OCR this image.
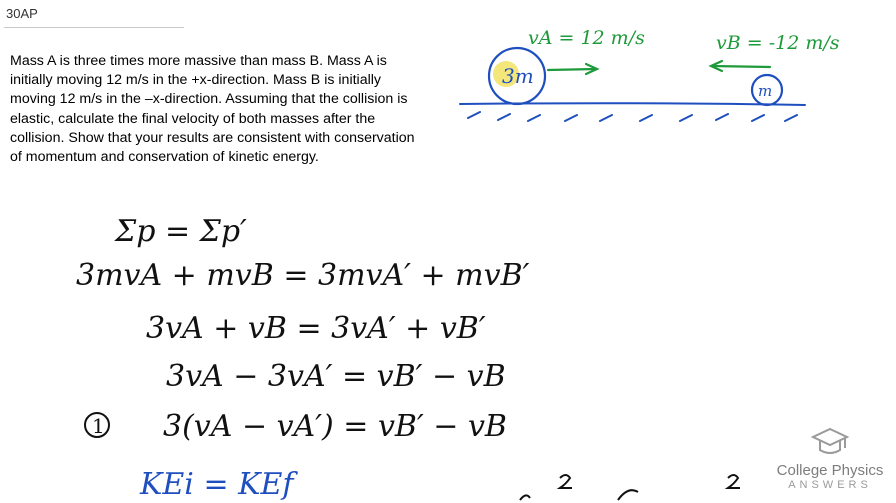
30AP
Mass A is three times more massive than mass B. Mass A is initially moving 12 m/s in the +x-direction. Mass B is initially moving 12 m/s in the –x-direction. Assuming that the collision is elastic, calculate the final velocity of both masses after the collision. Show that your results are consistent with conservation of momentum and conservation of kinetic energy.
3m
m
vA = 12 m/s	vB = -12 m/s
Σp = Σp′
3mvA + mvB = 3mvA′ + mvB′
3vA + vB = 3vA′ + vB′
3vA − 3vA′ = vB′ − vB
1 3(vA − vA′) = vB′ − vB
KEi = KEf	College Physics
ANSWERS
